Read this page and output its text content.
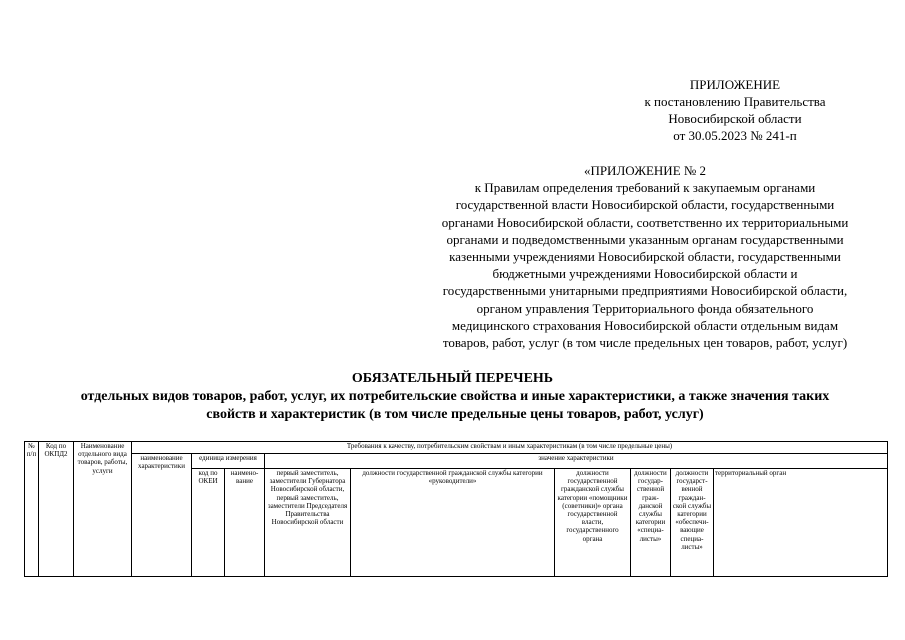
ПРИЛОЖЕНИЕ
к постановлению Правительства
Новосибирской области
от 30.05.2023 № 241-п
«ПРИЛОЖЕНИЕ № 2
к Правилам определения требований к закупаемым органами
государственной власти Новосибирской области, государственными
органами Новосибирской области, соответственно их территориальными
органами и подведомственными указанным органам государственными
казенными учреждениями Новосибирской области, государственными
бюджетными учреждениями Новосибирской области и
государственными унитарными предприятиями Новосибирской области,
органом управления Территориального фонда обязательного
медицинского страхования Новосибирской области отдельным видам
товаров, работ, услуг (в том числе предельных цен товаров, работ, услуг)
ОБЯЗАТЕЛЬНЫЙ ПЕРЕЧЕНЬ
отдельных видов товаров, работ, услуг, их потребительские свойства и иные характеристики, а также значения таких
свойств и характеристик (в том числе предельные цены товаров, работ, услуг)
№ п/п	Код по ОКПД2	Наименование отдельного вида товаров, работы, услуги	Требования к качеству, потребительским свойствам и иным характеристикам (в том числе предельные цены)								
			наименование характеристики	единица измерения		значение характеристики					
				код по ОКЕИ	наимено-вание	первый заместитель, заместители Губернатора Новосибирской области, первый заместитель, заместители Председателя Правительства Новосибирской области	должности государственной гражданской службы категории «руководители»	должности государственной гражданской службы категории «помощники (советники)» органа государственной власти, государственного органа	должности государ-ственной граж-данской службы категории «специа-листы»	должности государст-венной граждан-ской службы категории «обеспечи-вающие специа-листы»	территориальный орган
